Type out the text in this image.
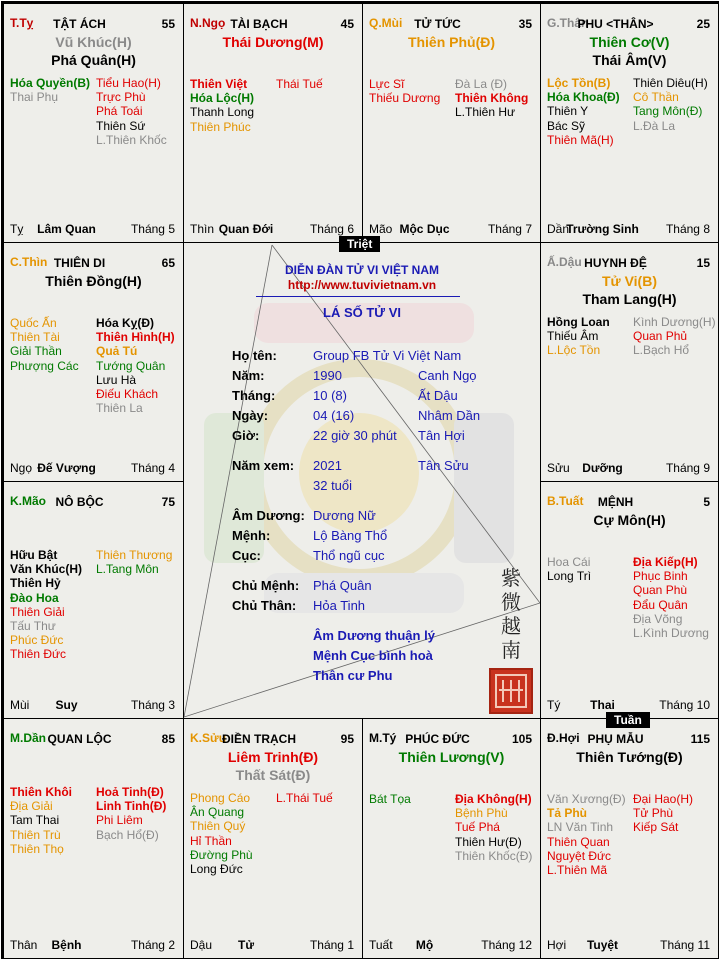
T.Tỵ	TẬT ÁCH	55
Vũ Khúc(H)
Phá Quân(H)
Hóa Quyền(B)
Thai Phụ
Tiểu Hao(H)
Trực Phù
Phá Toái
Thiên Sứ
L.Thiên Khốc
Tỵ	Lâm Quan	Tháng 5
N.Ngọ TÀI BẠCH	45
Thái Dương(M)
Thiên Việt
Hóa Lộc(H)
Thanh Long
Thiên Phúc
Thái Tuế
Thìn Quan Đới	Tháng 6
Q.Mùi TỬ TỨC	35
Thiên Phủ(Đ)
Lực Sĩ
Thiếu Dương
Đà La (Đ)
Thiên Không
L.Thiên Hư
Mão Mộc Dục	Tháng 7
G.Thân
PHU <THÂN>	25
Thiên Cơ(V)
Thái Âm(V)
Lộc Tồn(B)
Hóa Khoa(Đ)
Thiên Y
Bác Sỹ
Thiên Mã(H)
Thiên Diêu(H)
Cô Thần
Tang Môn(Đ)
L.Đà La
Dần
Trường Sinh	Tháng 8
C.Thìn THIÊN DI	65
Thiên Đồng(H)
Quốc Ấn
Thiên Tài
Giải Thần
Phượng Các
Hóa Kỵ(Đ)
Thiên Hình(H)
Quả Tú
Tướng Quân
Lưu Hà
Điếu Khách
Thiên La
Ngọ Đế Vượng	Tháng 4
Ấ.Dậu HUYNH ĐỆ	15
Tử Vi(B)
Tham Lang(H)
Hồng Loan
Thiếu Âm
L.Lộc Tồn
Kình Dương(H)
Quan Phủ
L.Bạch Hổ
Sửu	Dưỡng	Tháng 9
K.Mão NÔ BỘC	75
Hữu Bật
Văn Khúc(H)
Thiên Hỷ
Đào Hoa
Thiên Giải
Tấu Thư
Phúc Đức
Thiên Đức
Thiên Thương
L.Tang Môn
Mùi	Suy	Tháng 3
B.Tuất	MỆNH	5
Cự Môn(H)
Hoa Cái
Long Trì
Địa Kiếp(H)
Phục Binh
Quan Phù
Đẩu Quân
Địa Võng
L.Kình Dương
Tý	Thai	Tháng 10
M.Dần QUAN LỘC	85
Thiên Khôi
Địa Giải
Tam Thai
Thiên Trù
Thiên Thọ
Hoả Tinh(Đ)
Linh Tinh(Đ)
Phi Liêm
Bạch Hổ(Đ)
Thân	Bệnh	Tháng 2
K.Sửu
ĐIỀN TRẠCH	95
Liêm Trinh(Đ)
Thất Sát(Đ)
Phong Cáo
Ân Quang
Thiên Quý
Hỉ Thần
Đường Phù
Long Đức
L.Thái Tuế
Dậu	Tử	Tháng 1
M.Tý PHÚC ĐỨC	105
Thiên Lương(V)
Bát Tọa	Địa Không(H)
Bệnh Phù
Tuế Phá
Thiên Hư(Đ)
Thiên Khốc(Đ)
Tuất	Mộ	Tháng 12
Đ.Hợi PHỤ MẪU	115
Thiên Tướng(Đ)
Văn Xương(Đ)
Tả Phù
LN Văn Tinh
Thiên Quan
Nguyệt Đức
L.Thiên Mã
Đại Hao(H)
Tử Phù
Kiếp Sát
Hợi	Tuyệt	Tháng 11
DIỄN ĐÀN TỬ VI VIỆT NAM
http://www.tuvivietnam.vn
LÁ SỐ TỬ VI
Họ tên:	Group FB Tử Vi Việt Nam
Năm:	1990	Canh Ngọ
Tháng:	10 (8)	Ất Dậu
Ngày:	04 (16)	Nhâm Dần
Giờ:	22 giờ 30 phút Tân Hợi
Năm xem: 2021	Tân Sửu
32 tuổi
Âm Dương: Dương Nữ
Mệnh:	Lộ Bàng Thổ
Cục:	Thổ ngũ cục
Chủ Mệnh: Phá Quân
Chủ Thân: Hỏa Tinh
Âm Dương thuận lý
Mệnh Cục bình hoà
Thân cư Phu
紫
微
越
南
Triệt
Tuần
